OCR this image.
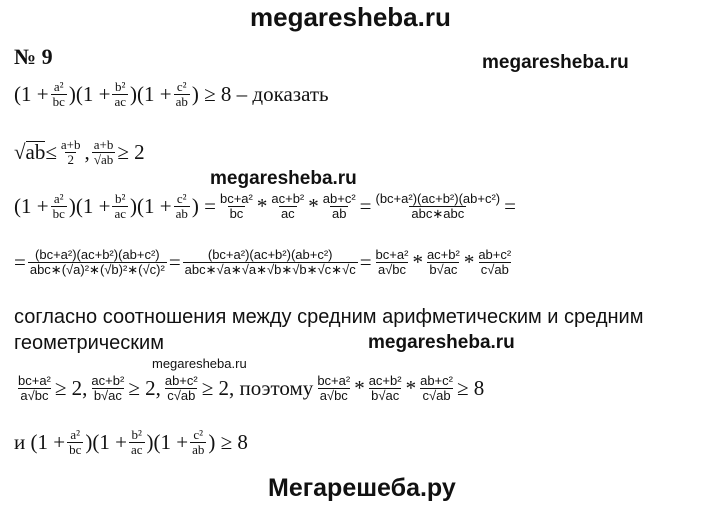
megaresheba.ru
megaresheba.ru
megaresheba.ru
megaresheba.ru
megaresheba.ru
Мегарешеба.ру
№ 9
$(1 + \frac{\text{a²}}{bc} )(1 + \frac{\text{b²}}{ac} )(1 + \frac{\text{c²}}{ab}$ ) ≥ 8 – доказать
√ ab ≤ $\frac{a+b}{2}$ , $\frac{a+b}{√ab} \ge 2$
$(1 + \frac{\text{a²}}{bc} )(1 + \frac{\text{b²}}{ac} )(1 + \frac{\text{c²}}{ab}$ ) = $\frac{\text{bc+a²}}{bc} * \frac{\text{ac+b²}}{ac} * \frac{\text{ab+c²}}{ab} = \frac{\text{(bc+a²)(ac+b²)(ab+c²)}}{\text{abc∗abc}}$ =
= $\frac{\text{(bc+a²)(ac+b²)(ab+c²)}}{\text{abc∗(√a)²∗(√b)²∗(√c)²}} = \frac{\text{(bc+a²)(ac+b²)(ab+c²)}}{\text{abc∗√a∗√a∗√b∗√b∗√c∗√c}} = \frac{\text{bc+a²}}{a√bc} * \frac{\text{ac+b²}}{b√ac} * \frac{\text{ab+c²}}{c√ab}$
согласно соотношения между средним арифметическим и средним
геометрическим
$\frac{\text{bc+a²}}{a√bc} \ge 2$, $\frac{\text{ac+b²}}{b√ac} \ge 2$, $\frac{\text{ab+c²}}{c√ab} \ge 2$, поэтому $\frac{\text{bc+a²}}{a√bc} * \frac{\text{ac+b²}}{b√ac} * \frac{\text{ab+c²}}{c√ab} \ge 8$
и $(1 + \frac{\text{a²}}{bc} )(1 + \frac{\text{b²}}{ac} )(1 + \frac{\text{c²}}{ab}$ ) ≥ 8
